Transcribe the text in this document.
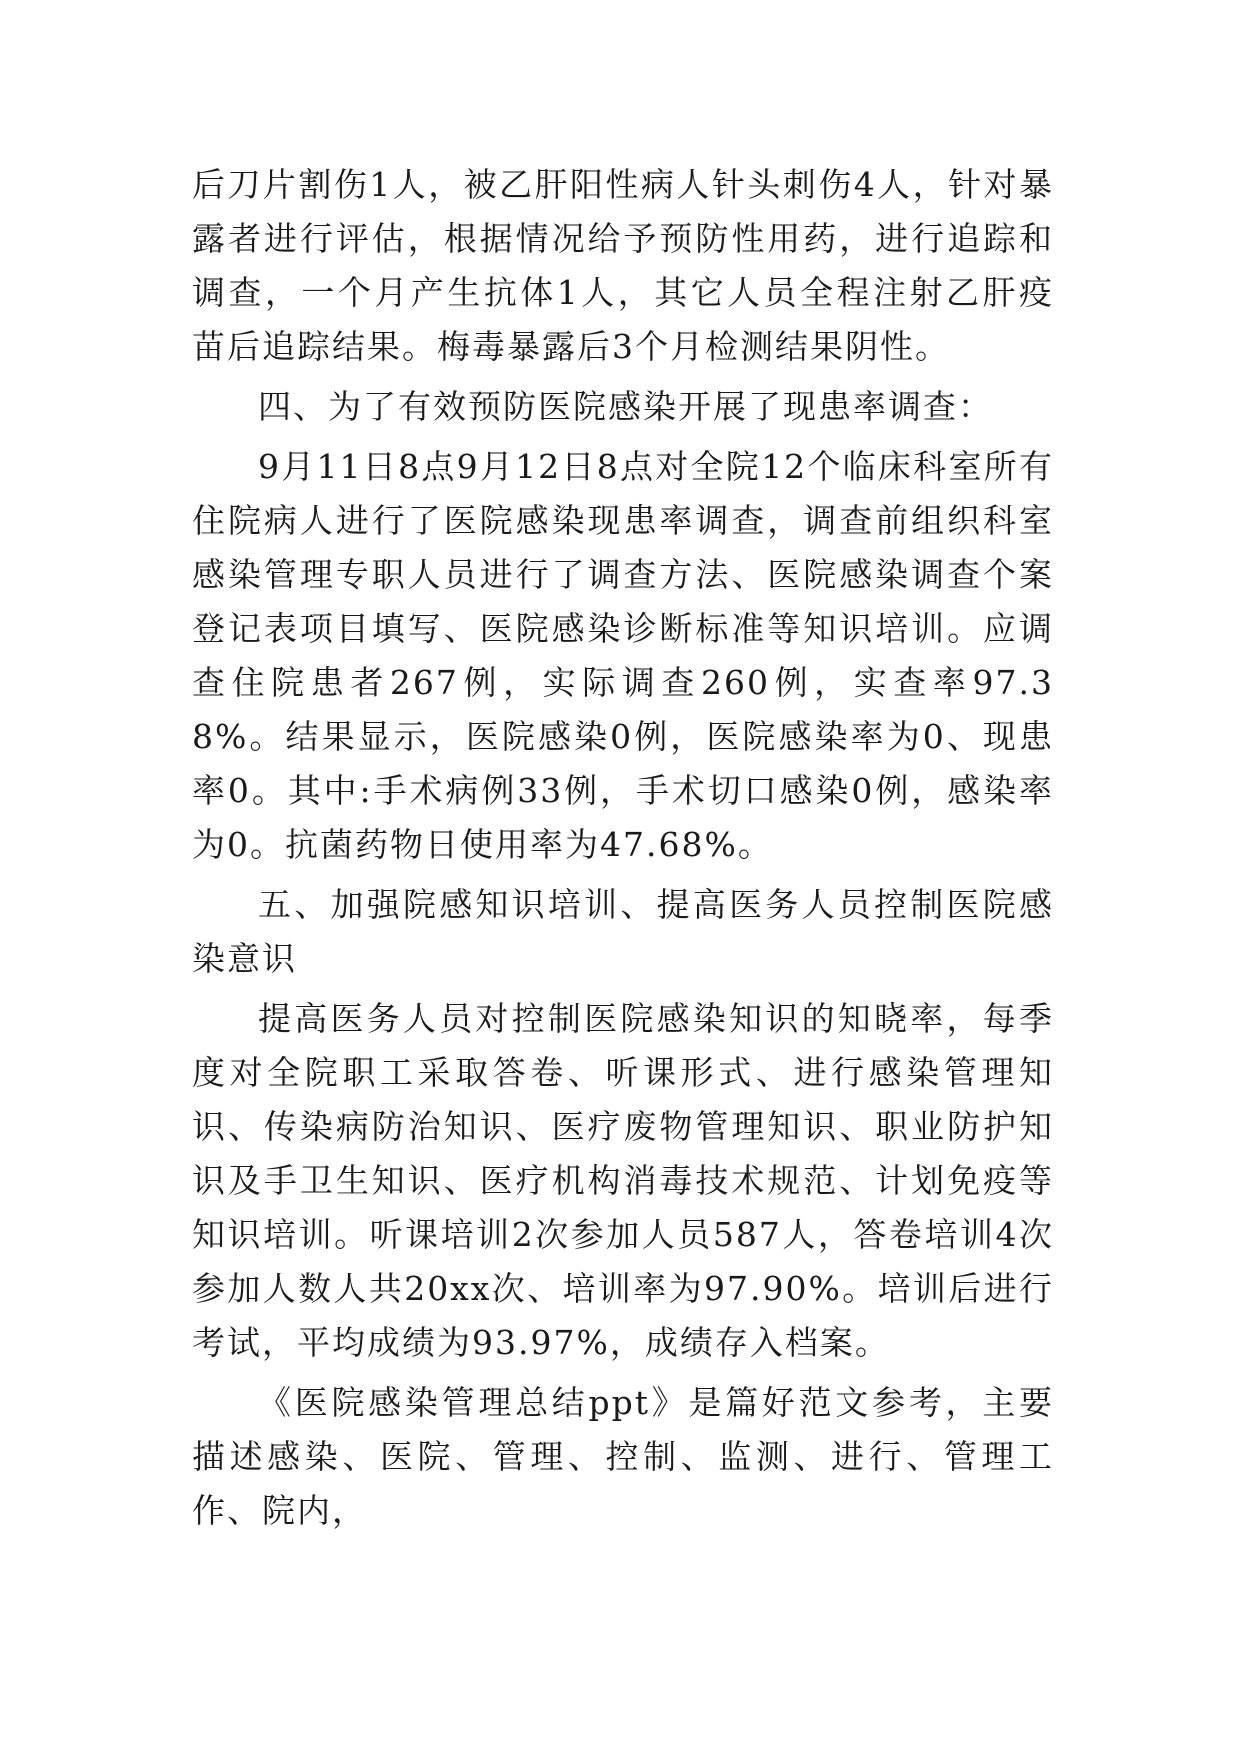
后刀片割伤1人，被乙肝阳性病人针头刺伤4人，针对暴露者进行评估，根据情况给予预防性用药，进行追踪和调查，一个月产生抗体1人，其它人员全程注射乙肝疫苗后追踪结果。梅毒暴露后3个月检测结果阴性。

四、为了有效预防医院感染开展了现患率调查：

9月11日8点9月12日8点对全院12个临床科室所有住院病人进行了医院感染现患率调查，调查前组织科室感染管理专职人员进行了调查方法、医院感染调查个案登记表项目填写、医院感染诊断标准等知识培训。应调查住院患者267例，实际调查260例，实查率97.38%。结果显示，医院感染0例，医院感染率为0、现患率0。其中:手术病例33例，手术切口感染0例，感染率为0。抗菌药物日使用率为47.68%。

五、加强院感知识培训、提高医务人员控制医院感染意识

提高医务人员对控制医院感染知识的知晓率，每季度对全院职工采取答卷、听课形式、进行感染管理知识、传染病防治知识、医疗废物管理知识、职业防护知识及手卫生知识、医疗机构消毒技术规范、计划免疫等知识培训。听课培训2次参加人员587人，答卷培训4次参加人数人共20xx次、培训率为97.90%。培训后进行考试，平均成绩为93.97%，成绩存入档案。

《医院感染管理总结ppt》是篇好范文参考，主要描述感染、医院、管理、控制、监测、进行、管理工作、院内，
